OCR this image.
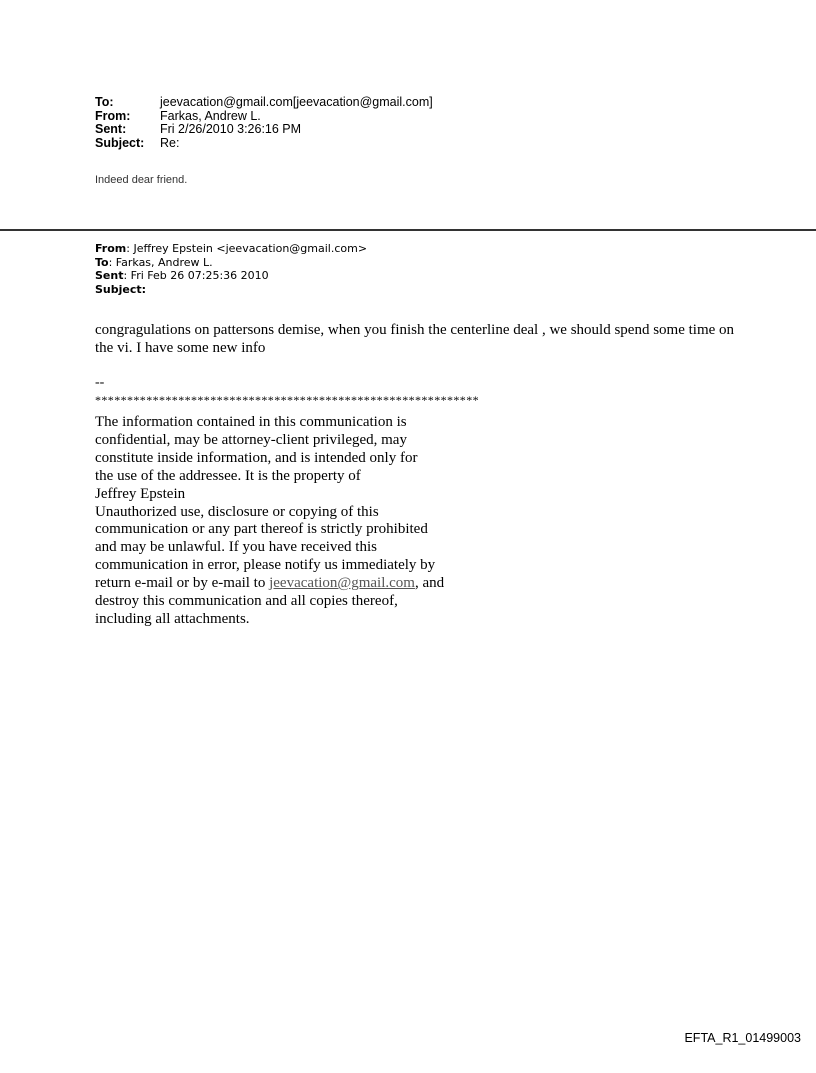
To:	jeevacation@gmail.com[jeevacation@gmail.com]
From:	Farkas, Andrew L.
Sent:	Fri 2/26/2010 3:26:16 PM
Subject:	Re:
Indeed dear friend.
From: Jeffrey Epstein <jeevacation@gmail.com>
To: Farkas, Andrew L.
Sent: Fri Feb 26 07:25:36 2010
Subject:
congragulations on pattersons demise, when you finish the centerline deal , we should spend some time on the vi. I have some new info
--
************************************************************
The information contained in this communication is
confidential, may be attorney-client privileged, may
constitute inside information, and is intended only for
the use of the addressee. It is the property of
Jeffrey Epstein
Unauthorized use, disclosure or copying of this
communication or any part thereof is strictly prohibited
and may be unlawful. If you have received this
communication in error, please notify us immediately by
return e-mail or by e-mail to jeevacation@gmail.com, and
destroy this communication and all copies thereof,
including all attachments.
EFTA_R1_01499003
